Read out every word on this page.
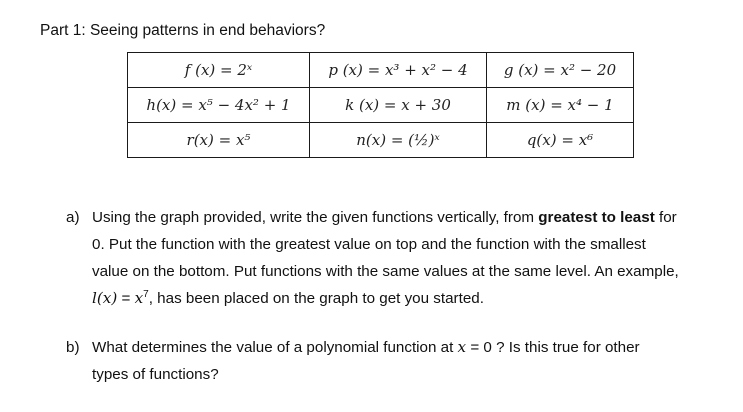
Part 1: Seeing patterns in end behaviors?
f (x) = 2ˣ	p (x) = x³ + x² − 4	g (x) = x² − 20
h(x) = x⁵ − 4x² + 1	k (x) = x + 30	m (x) = x⁴ − 1
r(x) = x⁵	n(x) = (½)ˣ	q(x) = x⁶
a) Using the graph provided, write the given functions vertically, from greatest to least for
0. Put the function with the greatest value on top and the function with the smallest
value on the bottom. Put functions with the same values at the same level. An example,
$l(x) = x^7$, has been placed on the graph to get you started.
b) What determines the value of a polynomial function at x = 0 ? Is this true for other
types of functions?
